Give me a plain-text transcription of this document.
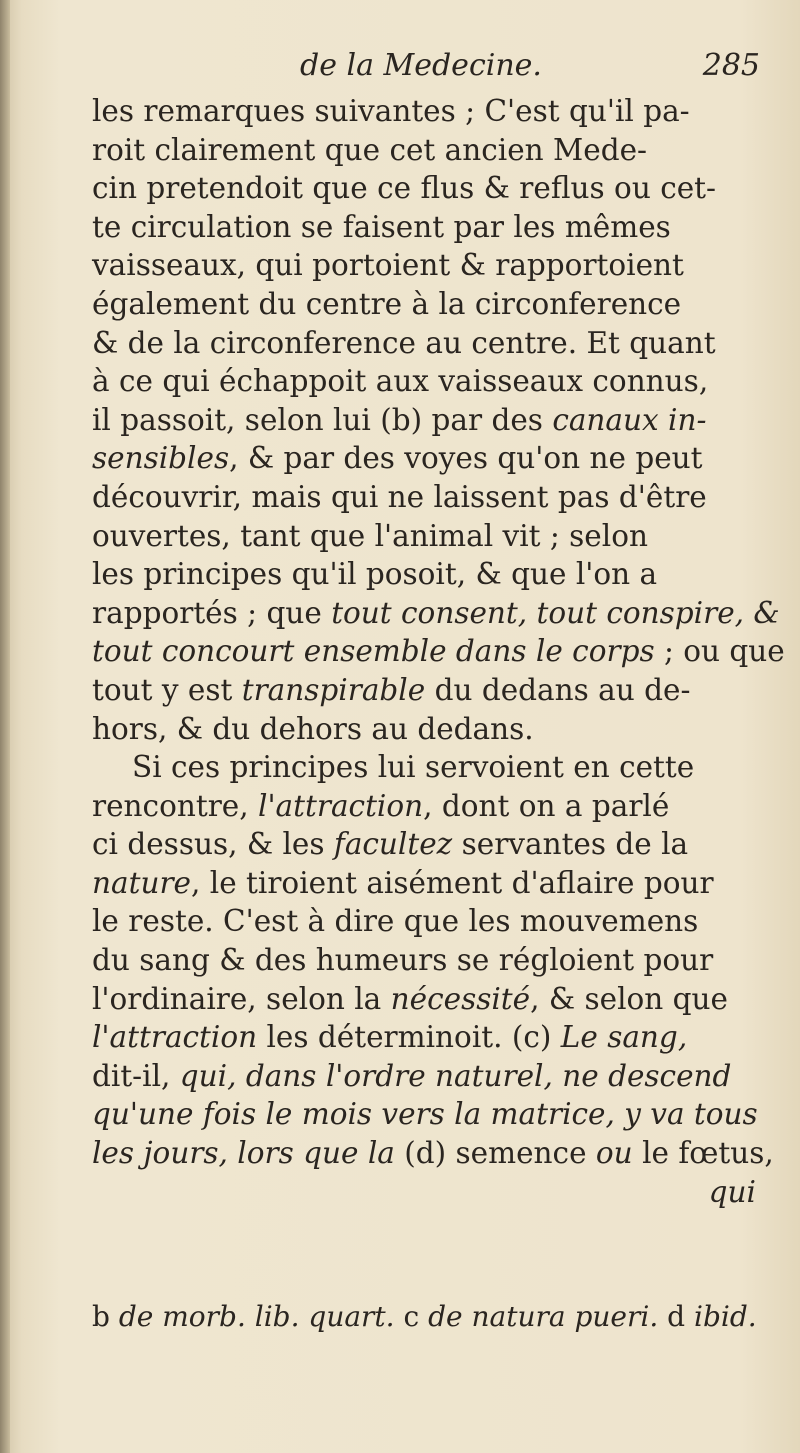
de la Medecine.	285
les remarques suivantes ; C'est qu'il pa-
roit clairement que cet ancien Mede-
cin pretendoit que ce flus & reflus ou cet-
te circulation se faisent par les mêmes
vaisseaux, qui portoient & rapportoient
également du centre à la circonference
& de la circonference au centre. Et quant
à ce qui échappoit aux vaisseaux connus,
il passoit, selon lui (b) par des canaux in-
sensibles, & par des voyes qu'on ne peut
découvrir, mais qui ne laissent pas d'être
ouvertes, tant que l'animal vit ; selon
les principes qu'il posoit, & que l'on a
rapportés ; que tout consent, tout conspire, &
tout concourt ensemble dans le corps ; ou que
tout y est transpirable du dedans au de-
hors, & du dehors au dedans.
Si ces principes lui servoient en cette
rencontre, l'attraction, dont on a parlé
ci dessus, & les facultez servantes de la
nature, le tiroient aisément d'aflaire pour
le reste. C'est à dire que les mouvemens
du sang & des humeurs se régloient pour
l'ordinaire, selon la nécessité, & selon que
l'attraction les déterminoit. (c) Le sang,
dit-il, qui, dans l'ordre naturel, ne descend
qu'une fois le mois vers la matrice, y va tous
les jours, lors que la (d) semence ou le fœtus,
qui
b de morb. lib. quart. c de natura pueri. d ibid.
